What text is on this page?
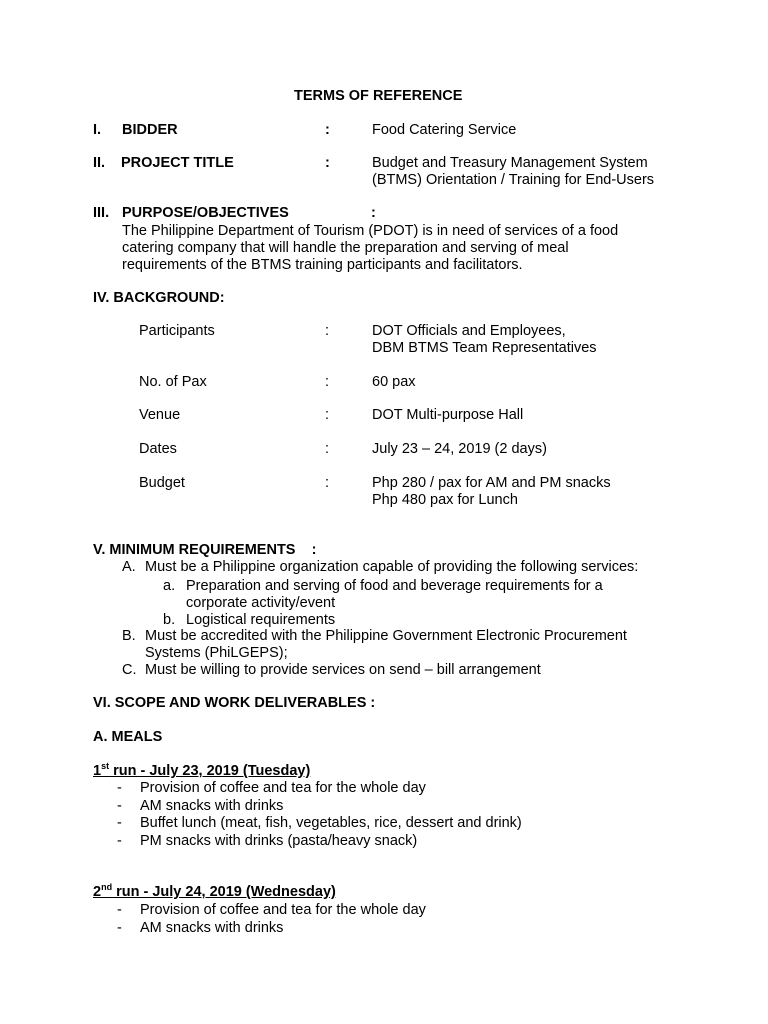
TERMS OF REFERENCE
I. BIDDER	:	Food Catering Service
II. PROJECT TITLE	:	Budget and Treasury Management System
(BTMS) Orientation / Training for End-Users
III. PURPOSE/OBJECTIVES	:
The Philippine Department of Tourism (PDOT) is in need of services of a food
catering company that will handle the preparation and serving of meal
requirements of the BTMS training participants and facilitators.
IV. BACKGROUND:
Participants	:	DOT Officials and Employees,
DBM BTMS Team Representatives
No. of Pax	:	60 pax
Venue	:	DOT Multi-purpose Hall
Dates	:	July 23 – 24, 2019 (2 days)
Budget	:	Php 280 / pax for AM and PM snacks
Php 480 pax for Lunch
V. MINIMUM REQUIREMENTS    :
A. Must be a Philippine organization capable of providing the following services:
a. Preparation and serving of food and beverage requirements for a
corporate activity/event
b. Logistical requirements
B. Must be accredited with the Philippine Government Electronic Procurement
Systems (PhiLGEPS);
C. Must be willing to provide services on send – bill arrangement
VI. SCOPE AND WORK DELIVERABLES :
A. MEALS
1st run - July 23, 2019 (Tuesday)
- Provision of coffee and tea for the whole day
- AM snacks with drinks
- Buffet lunch (meat, fish, vegetables, rice, dessert and drink)
- PM snacks with drinks (pasta/heavy snack)
2nd run - July 24, 2019 (Wednesday)
- Provision of coffee and tea for the whole day
- AM snacks with drinks
